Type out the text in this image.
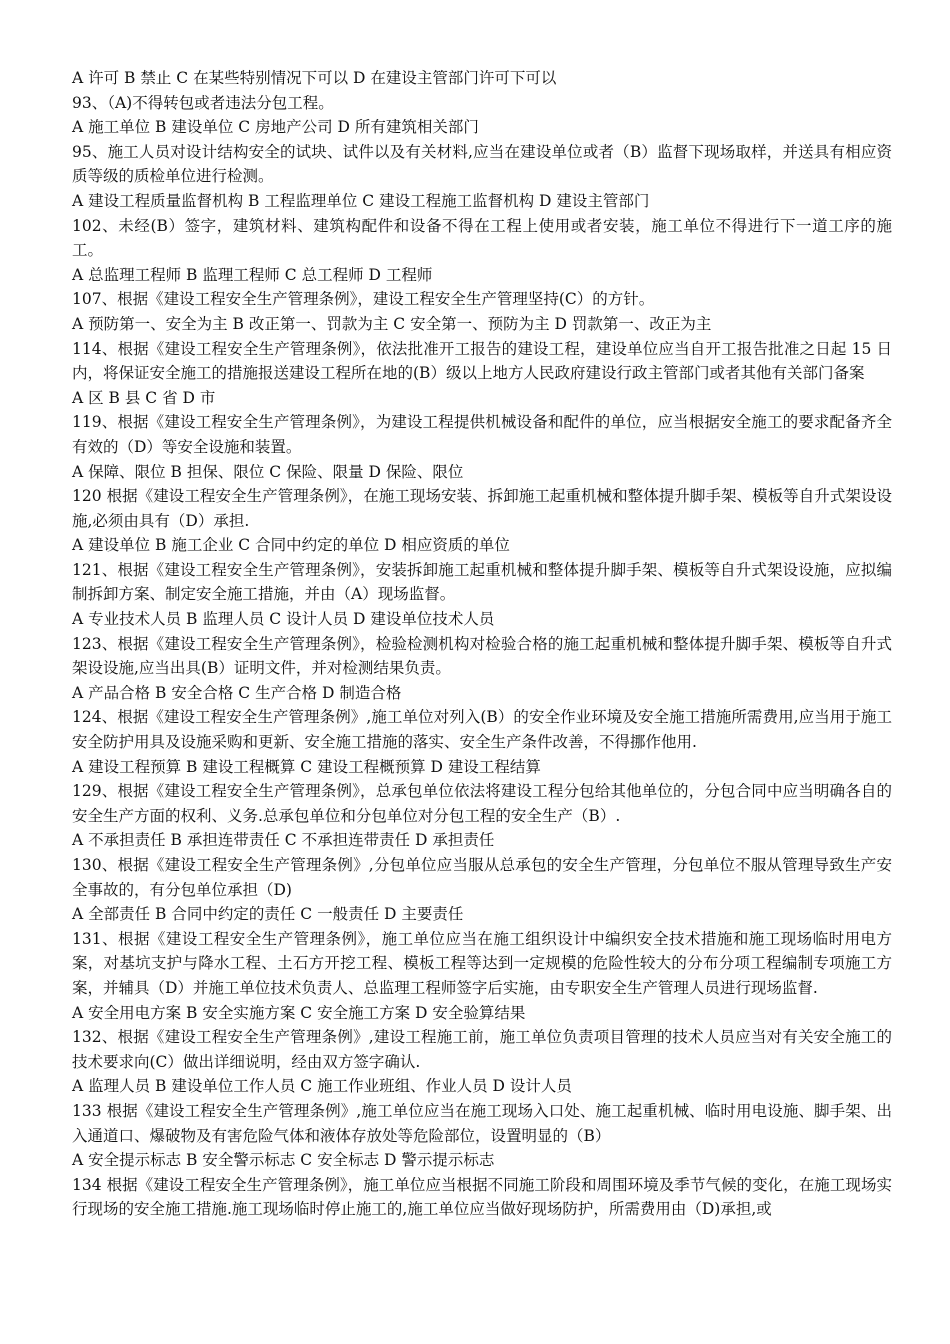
A 许可 B 禁止 C 在某些特别情况下可以 D 在建设主管部门许可下可以

93、（A)不得转包或者违法分包工程。

A 施工单位 B 建设单位 C 房地产公司 D 所有建筑相关部门

95、施工人员对设计结构安全的试块、试件以及有关材料,应当在建设单位或者（B）监督下现场取样，并送具有相应资质等级的质检单位进行检测。

A 建设工程质量监督机构 B 工程监理单位 C 建设工程施工监督机构 D 建设主管部门

102、未经(B）签字，建筑材料、建筑构配件和设备不得在工程上使用或者安装，施工单位不得进行下一道工序的施工。

A 总监理工程师 B 监理工程师 C 总工程师 D 工程师

107、根据《建设工程安全生产管理条例》，建设工程安全生产管理坚持(C）的方针。

A 预防第一、安全为主 B 改正第一、罚款为主 C 安全第一、预防为主 D 罚款第一、改正为主

114、根据《建设工程安全生产管理条例》，依法批准开工报告的建设工程，建设单位应当自开工报告批准之日起 15 日内，将保证安全施工的措施报送建设工程所在地的(B）级以上地方人民政府建设行政主管部门或者其他有关部门备案

A 区 B 县 C 省 D 市

119、根据《建设工程安全生产管理条例》，为建设工程提供机械设备和配件的单位，应当根据安全施工的要求配备齐全有效的（D）等安全设施和装置。

A 保障、限位 B 担保、限位 C 保险、限量 D 保险、限位

120 根据《建设工程安全生产管理条例》，在施工现场安装、拆卸施工起重机械和整体提升脚手架、模板等自升式架设设施,必须由具有（D）承担.

A 建设单位 B 施工企业 C 合同中约定的单位 D 相应资质的单位

121、根据《建设工程安全生产管理条例》，安装拆卸施工起重机械和整体提升脚手架、模板等自升式架设设施，应拟编制拆卸方案、制定安全施工措施，并由（A）现场监督。

A 专业技术人员 B 监理人员 C 设计人员 D 建设单位技术人员

123、根据《建设工程安全生产管理条例》，检验检测机构对检验合格的施工起重机械和整体提升脚手架、模板等自升式架设设施,应当出具(B）证明文件，并对检测结果负责。

A 产品合格 B 安全合格 C 生产合格 D 制造合格

124、根据《建设工程安全生产管理条例》,施工单位对列入(B）的安全作业环境及安全施工措施所需费用,应当用于施工安全防护用具及设施采购和更新、安全施工措施的落实、安全生产条件改善，不得挪作他用.

A 建设工程预算 B 建设工程概算 C 建设工程概预算 D 建设工程结算

129、根据《建设工程安全生产管理条例》，总承包单位依法将建设工程分包给其他单位的，分包合同中应当明确各自的安全生产方面的权利、义务.总承包单位和分包单位对分包工程的安全生产（B）.

A 不承担责任 B 承担连带责任 C 不承担连带责任 D 承担责任

130、根据《建设工程安全生产管理条例》,分包单位应当服从总承包的安全生产管理，分包单位不服从管理导致生产安全事故的，有分包单位承担（D)

A 全部责任 B 合同中约定的责任 C 一般责任 D 主要责任

131、根据《建设工程安全生产管理条例》，施工单位应当在施工组织设计中编织安全技术措施和施工现场临时用电方案，对基坑支护与降水工程、土石方开挖工程、模板工程等达到一定规模的危险性较大的分布分项工程编制专项施工方案，并辅具（D）并施工单位技术负责人、总监理工程师签字后实施，由专职安全生产管理人员进行现场监督.

A 安全用电方案 B 安全实施方案 C 安全施工方案 D 安全验算结果

132、根据《建设工程安全生产管理条例》,建设工程施工前，施工单位负责项目管理的技术人员应当对有关安全施工的技术要求向(C）做出详细说明，经由双方签字确认.

A 监理人员 B 建设单位工作人员 C 施工作业班组、作业人员 D 设计人员

133 根据《建设工程安全生产管理条例》,施工单位应当在施工现场入口处、施工起重机械、临时用电设施、脚手架、出入通道口、爆破物及有害危险气体和液体存放处等危险部位，设置明显的（B）

A 安全提示标志 B 安全警示标志 C 安全标志 D 警示提示标志

134 根据《建设工程安全生产管理条例》，施工单位应当根据不同施工阶段和周围环境及季节气候的变化，在施工现场实行现场的安全施工措施.施工现场临时停止施工的,施工单位应当做好现场防护，所需费用由（D)承担,或
